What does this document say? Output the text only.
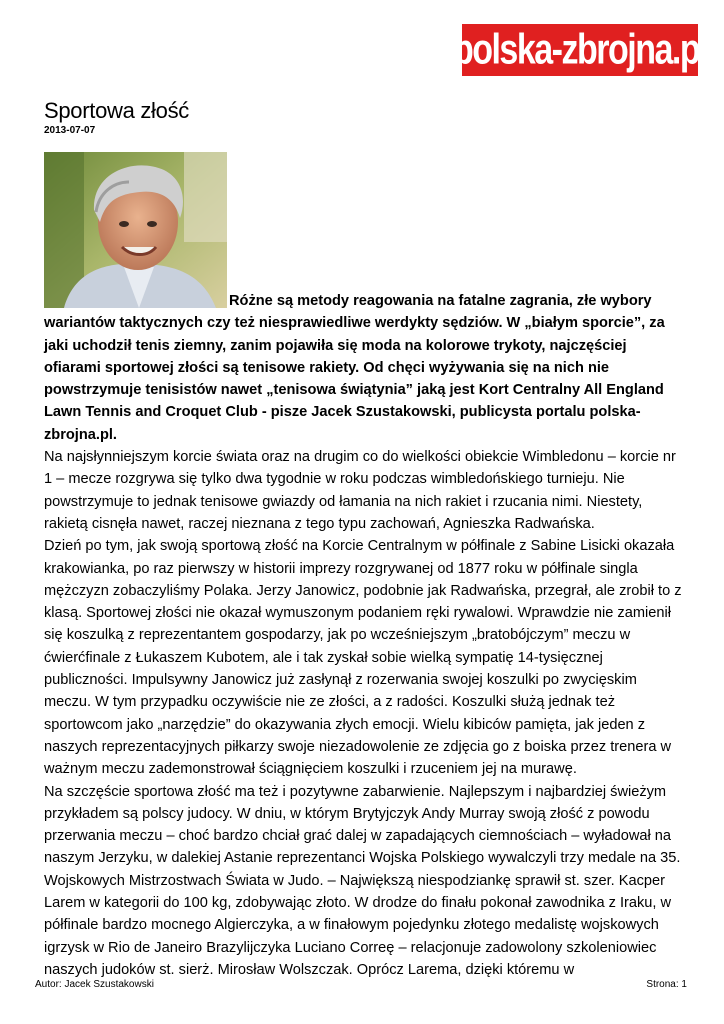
polska-zbrojna.pl
Sportowa złość
2013-07-07

Różne są metody reagowania na fatalne zagrania, złe wybory wariantów taktycznych czy też niesprawiedliwe werdykty sędziów. W „białym sporcie”, za jaki uchodził tenis ziemny, zanim pojawiła się moda na kolorowe trykoty, najczęściej ofiarami sportowej złości są tenisowe rakiety. Od chęci wyżywania się na nich nie powstrzymuje tenisistów nawet „tenisowa świątynia” jaką jest Kort Centralny All England Lawn Tennis and Croquet Club - pisze Jacek Szustakowski, publicysta portalu polska-zbrojna.pl.

Na najsłynniejszym korcie świata oraz na drugim co do wielkości obiekcie Wimbledonu – korcie nr 1 – mecze rozgrywa się tylko dwa tygodnie w roku podczas wimbledońskiego turnieju. Nie powstrzymuje to jednak tenisowe gwiazdy od łamania na nich rakiet i rzucania nimi. Niestety, rakietą cisnęła nawet, raczej nieznana z tego typu zachowań, Agnieszka Radwańska.

Dzień po tym, jak swoją sportową złość na Korcie Centralnym w półfinale z Sabine Lisicki okazała krakowianka, po raz pierwszy w historii imprezy rozgrywanej od 1877 roku w półfinale singla mężczyzn zobaczyliśmy Polaka. Jerzy Janowicz, podobnie jak Radwańska, przegrał, ale zrobił to z klasą. Sportowej złości nie okazał wymuszonym podaniem ręki rywalowi. Wprawdzie nie zamienił się koszulką z reprezentantem gospodarzy, jak po wcześniejszym „bratobójczym” meczu w ćwierćfinale z Łukaszem Kubotem, ale i tak zyskał sobie wielką sympatię 14-tysięcznej publiczności. Impulsywny Janowicz już zasłynął z rozerwania swojej koszulki po zwycięskim meczu. W tym przypadku oczywiście nie ze złości, a z radości. Koszulki służą jednak też sportowcom jako „narzędzie” do okazywania złych emocji. Wielu kibiców pamięta, jak jeden z naszych reprezentacyjnych piłkarzy swoje niezadowolenie ze zdjęcia go z boiska przez trenera w ważnym meczu zademonstrował ściągnięciem koszulki i rzuceniem jej na murawę.

Na szczęście sportowa złość ma też i pozytywne zabarwienie. Najlepszym i najbardziej świeżym przykładem są polscy judocy. W dniu, w którym Brytyjczyk Andy Murray swoją złość z powodu przerwania meczu – choć bardzo chciał grać dalej w zapadających ciemnościach – wyładował na naszym Jerzyku, w dalekiej Astanie reprezentanci Wojska Polskiego wywalczyli trzy medale na 35. Wojskowych Mistrzostwach Świata w Judo. – Największą niespodziankę sprawił st. szer. Kacper Larem w kategorii do 100 kg, zdobywając złoto. W drodze do finału pokonał zawodnika z Iraku, w półfinale bardzo mocnego Algierczyka, a w finałowym pojedynku złotego medalistę wojskowych igrzysk w Rio de Janeiro Brazylijczyka Luciano Correę – relacjonuje zadowolony szkoleniowiec naszych judoków st. sierż. Mirosław Wolszczak. Oprócz Larema, dzięki któremu w

Autor: Jacek Szustakowski	Strona: 1
